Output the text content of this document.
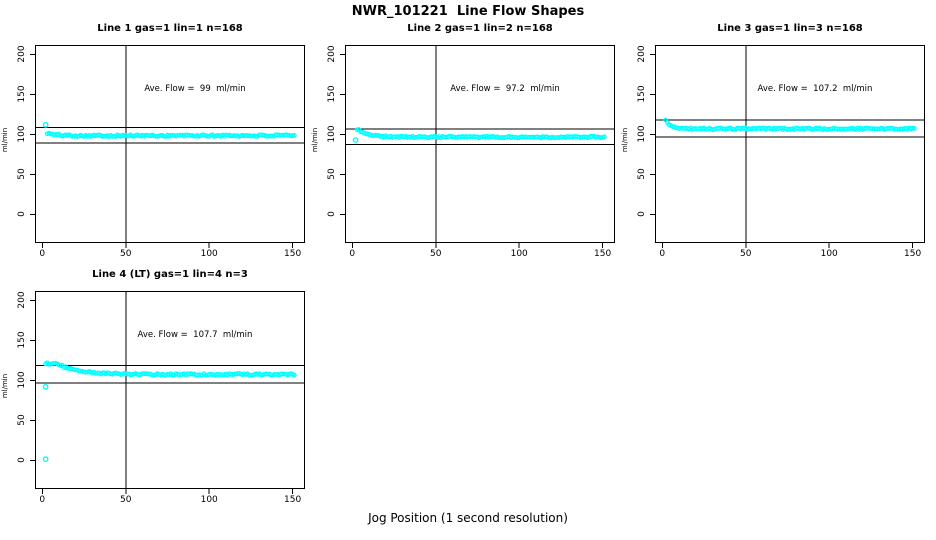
NWR_101221  Line Flow Shapes
Line 1 gas=1 lin=1 n=168
Ave. Flow =  99  ml/min
ml/min
0
50
100
150
200
0	50	100	150
Line 2 gas=1 lin=2 n=168
Ave. Flow =  97.2  ml/min
ml/min
0
50
100
150
200
0	50	100	150
Line 3 gas=1 lin=3 n=168
Ave. Flow =  107.2  ml/min
ml/min
0
50
100
150
200
0	50	100	150
Line 4 (LT) gas=1 lin=4 n=3
Ave. Flow =  107.7  ml/min
ml/min
0
50
100
150
200
0	50	100	150
Jog Position (1 second resolution)
